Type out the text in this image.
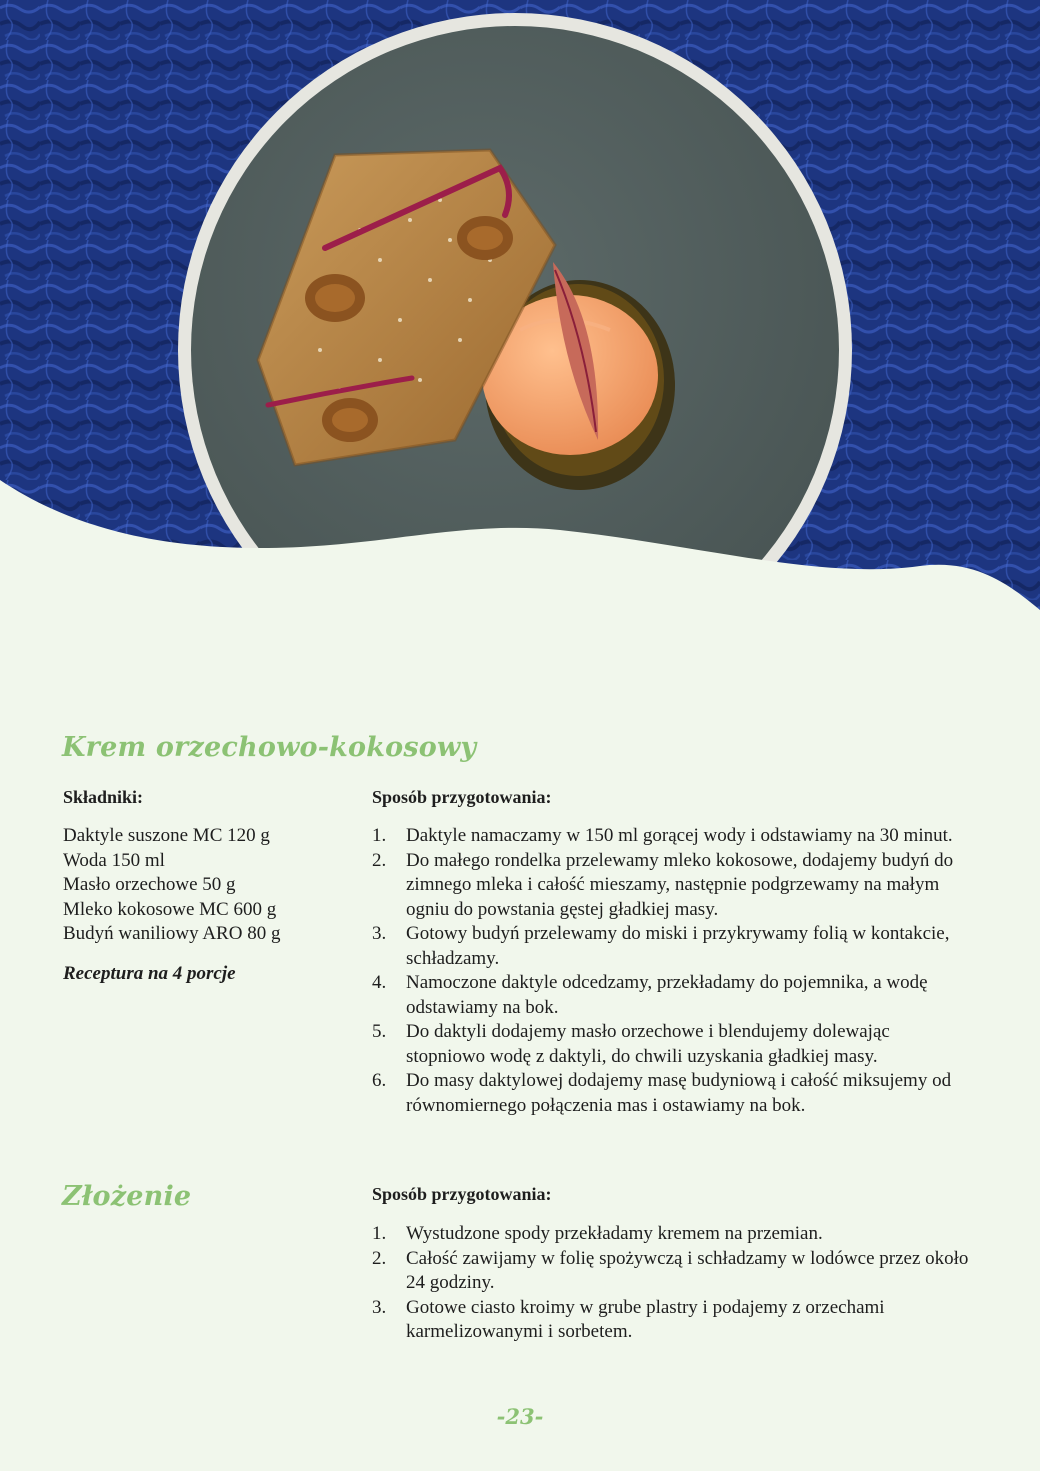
Krem orzechowo-kokosowy
Składniki:
Daktyle suszone MC 120 g
Woda 150 ml
Masło orzechowe 50 g
Mleko kokosowe MC 600 g
Budyń waniliowy ARO 80 g
Receptura na 4 porcje
Sposób przygotowania:
1. Daktyle namaczamy w 150 ml gorącej wody i odstawiamy na 30 minut.
2. Do małego rondelka przelewamy mleko kokosowe, dodajemy budyń do zimnego mleka i całość mieszamy, następnie podgrzewamy na małym ogniu do powstania gęstej gładkiej masy.
3. Gotowy budyń przelewamy do miski i przykrywamy folią w kontakcie, schładzamy.
4. Namoczone daktyle odcedzamy, przekładamy do pojemnika, a wodę odstawiamy na bok.
5. Do daktyli dodajemy masło orzechowe i blendujemy dolewając stopniowo wodę z daktyli, do chwili uzyskania gładkiej masy.
6. Do masy daktylowej dodajemy masę budyniową i całość miksujemy od równomiernego połączenia mas i ostawiamy na bok.
Złożenie	Sposób przygotowania:
1. Wystudzone spody przekładamy kremem na przemian.
2. Całość zawijamy w folię spożywczą i schładzamy w lodówce przez około 24 godziny.
3. Gotowe ciasto kroimy w grube plastry i podajemy z orzechami karmelizowanymi i sorbetem.
-23-
